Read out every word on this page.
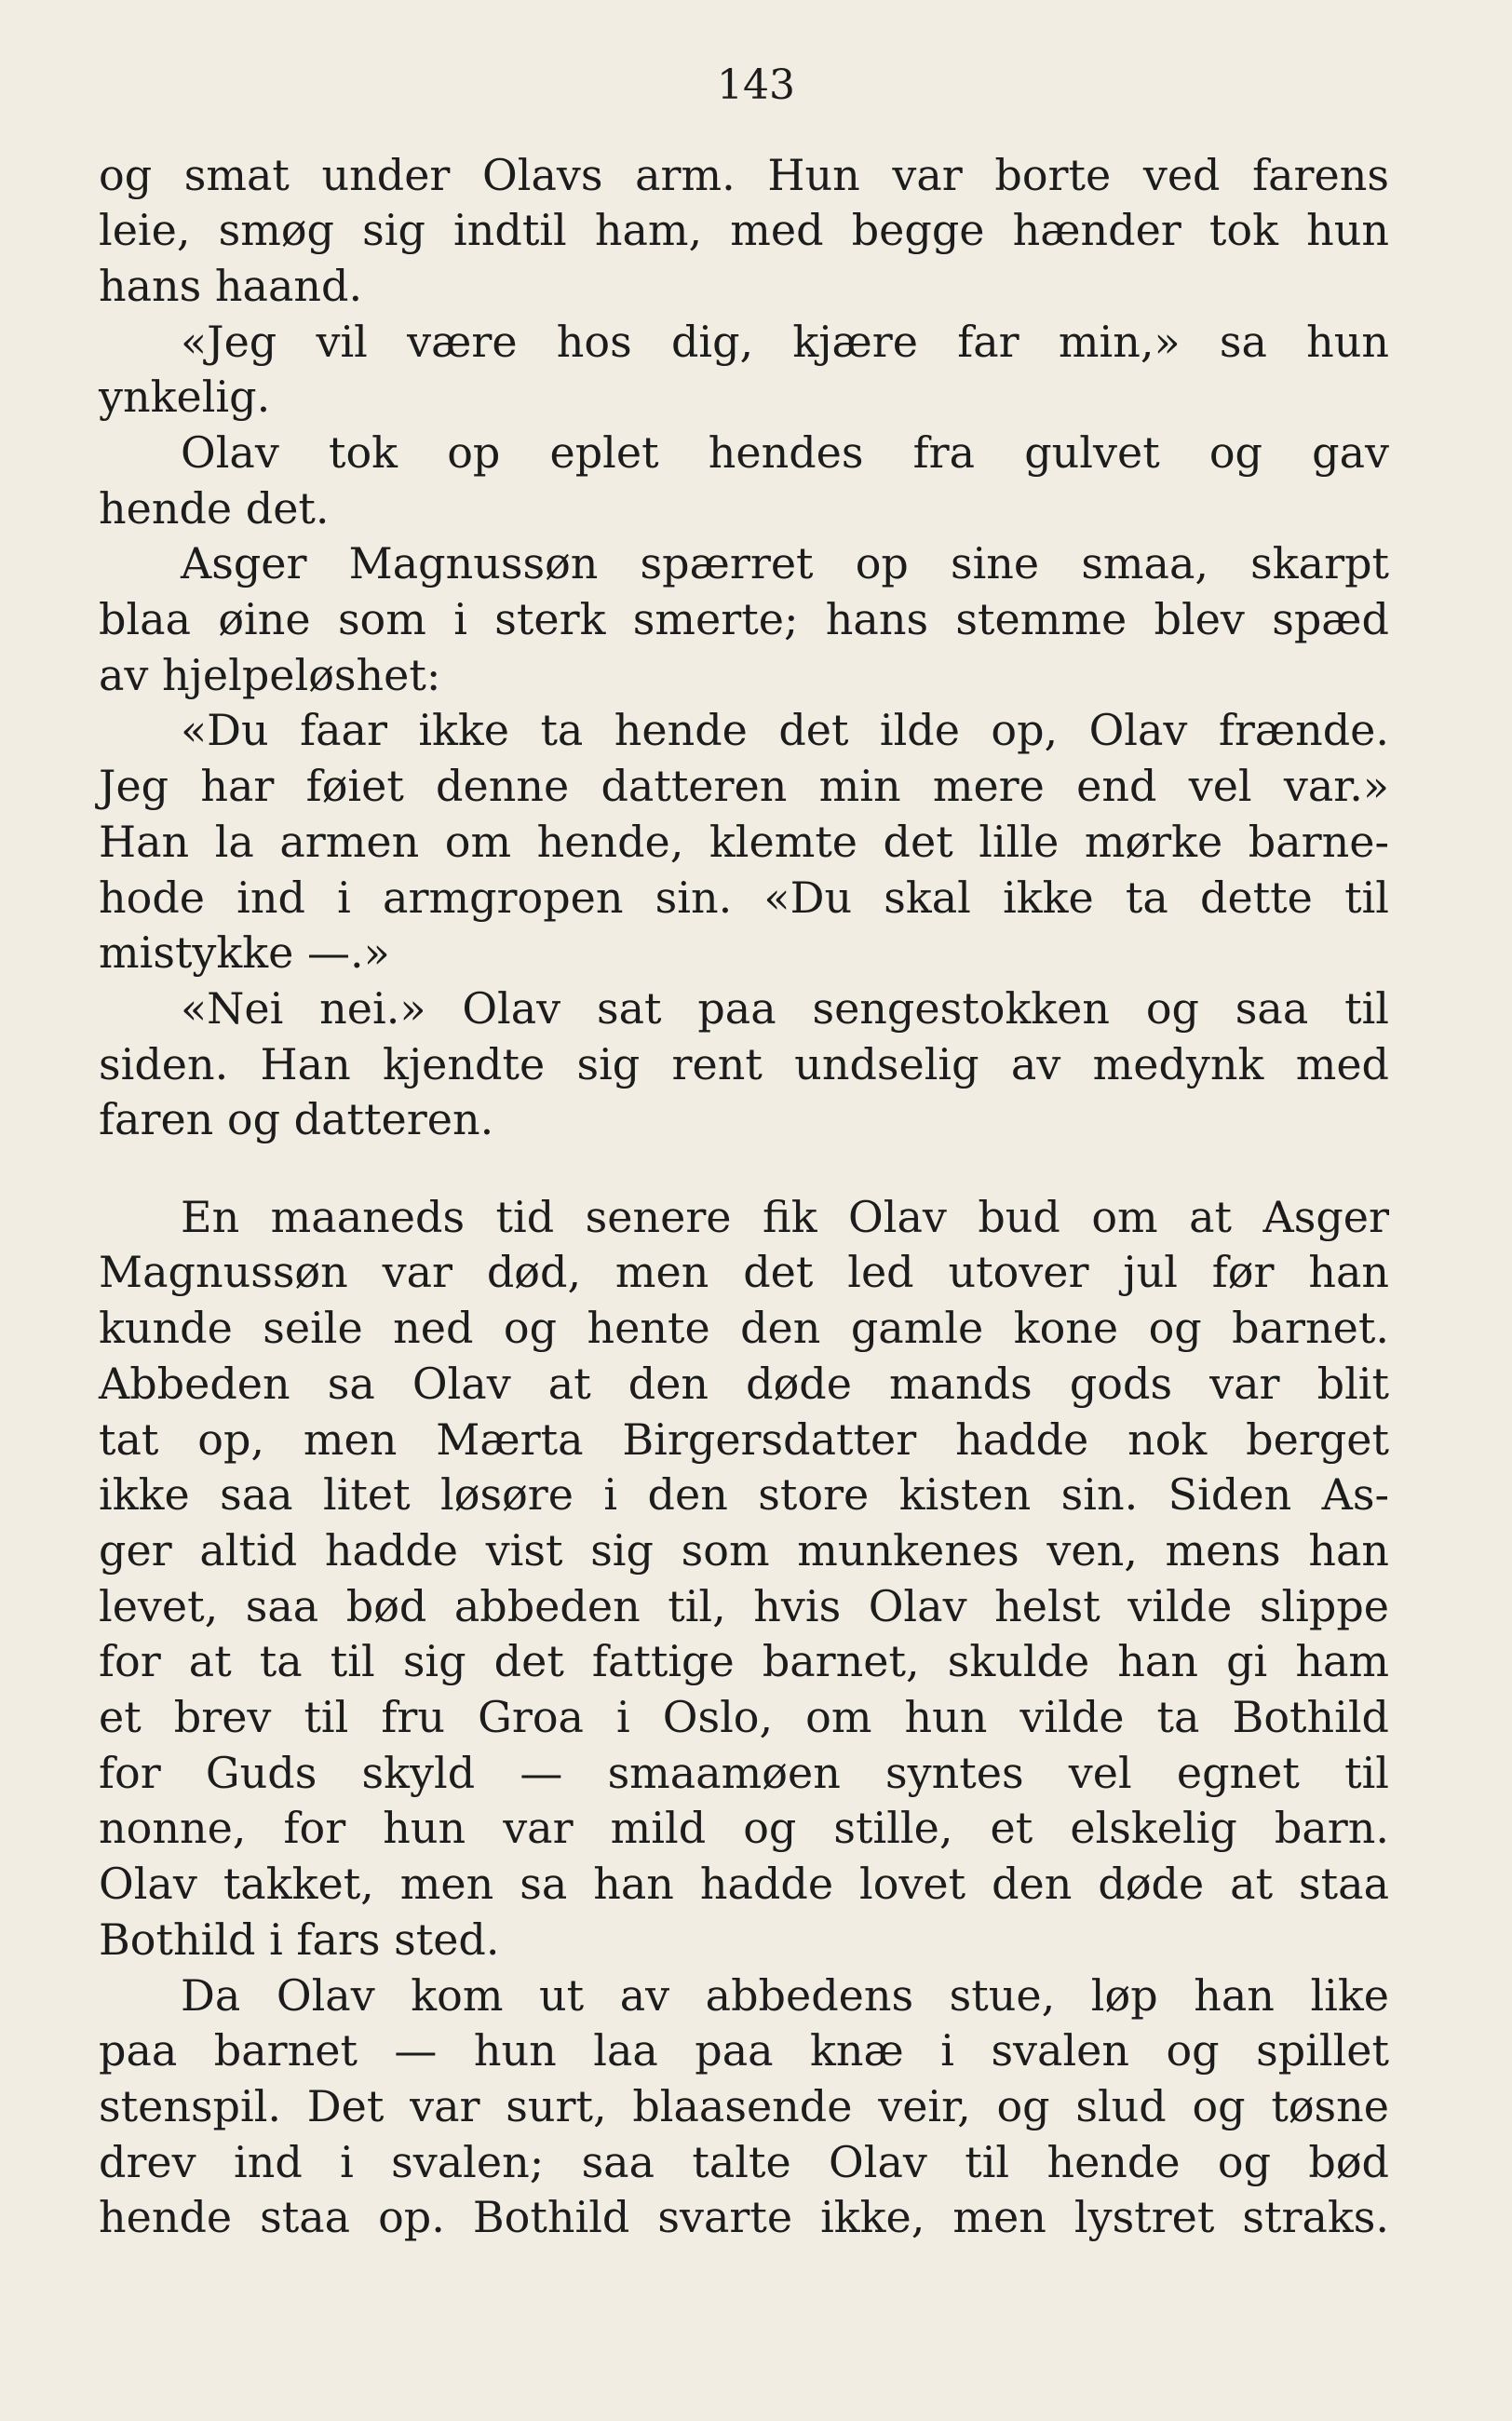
143
og smat under Olavs arm. Hun var borte ved farens
leie, smøg sig indtil ham, med begge hænder tok hun
hans haand.
«Jeg vil være hos dig, kjære far min,» sa hun
ynkelig.
Olav tok op eplet hendes fra gulvet og gav
hende det.
Asger Magnussøn spærret op sine smaa, skarpt
blaa øine som i sterk smerte; hans stemme blev spæd
av hjelpeløshet:
«Du faar ikke ta hende det ilde op, Olav frænde.
Jeg har føiet denne datteren min mere end vel var.»
Han la armen om hende, klemte det lille mørke barne-
hode ind i armgropen sin. «Du skal ikke ta dette til
mistykke —.»
«Nei nei.» Olav sat paa sengestokken og saa til
siden. Han kjendte sig rent undselig av medynk med
faren og datteren.
En maaneds tid senere fik Olav bud om at Asger
Magnussøn var død, men det led utover jul før han
kunde seile ned og hente den gamle kone og barnet.
Abbeden sa Olav at den døde mands gods var blit
tat op, men Mærta Birgersdatter hadde nok berget
ikke saa litet løsøre i den store kisten sin. Siden As-
ger altid hadde vist sig som munkenes ven, mens han
levet, saa bød abbeden til, hvis Olav helst vilde slippe
for at ta til sig det fattige barnet, skulde han gi ham
et brev til fru Groa i Oslo, om hun vilde ta Bothild
for Guds skyld — smaamøen syntes vel egnet til
nonne, for hun var mild og stille, et elskelig barn.
Olav takket, men sa han hadde lovet den døde at staa
Bothild i fars sted.
Da Olav kom ut av abbedens stue, løp han like
paa barnet — hun laa paa knæ i svalen og spillet
stenspil. Det var surt, blaasende veir, og slud og tøsne
drev ind i svalen; saa talte Olav til hende og bød
hende staa op. Bothild svarte ikke, men lystret straks.
